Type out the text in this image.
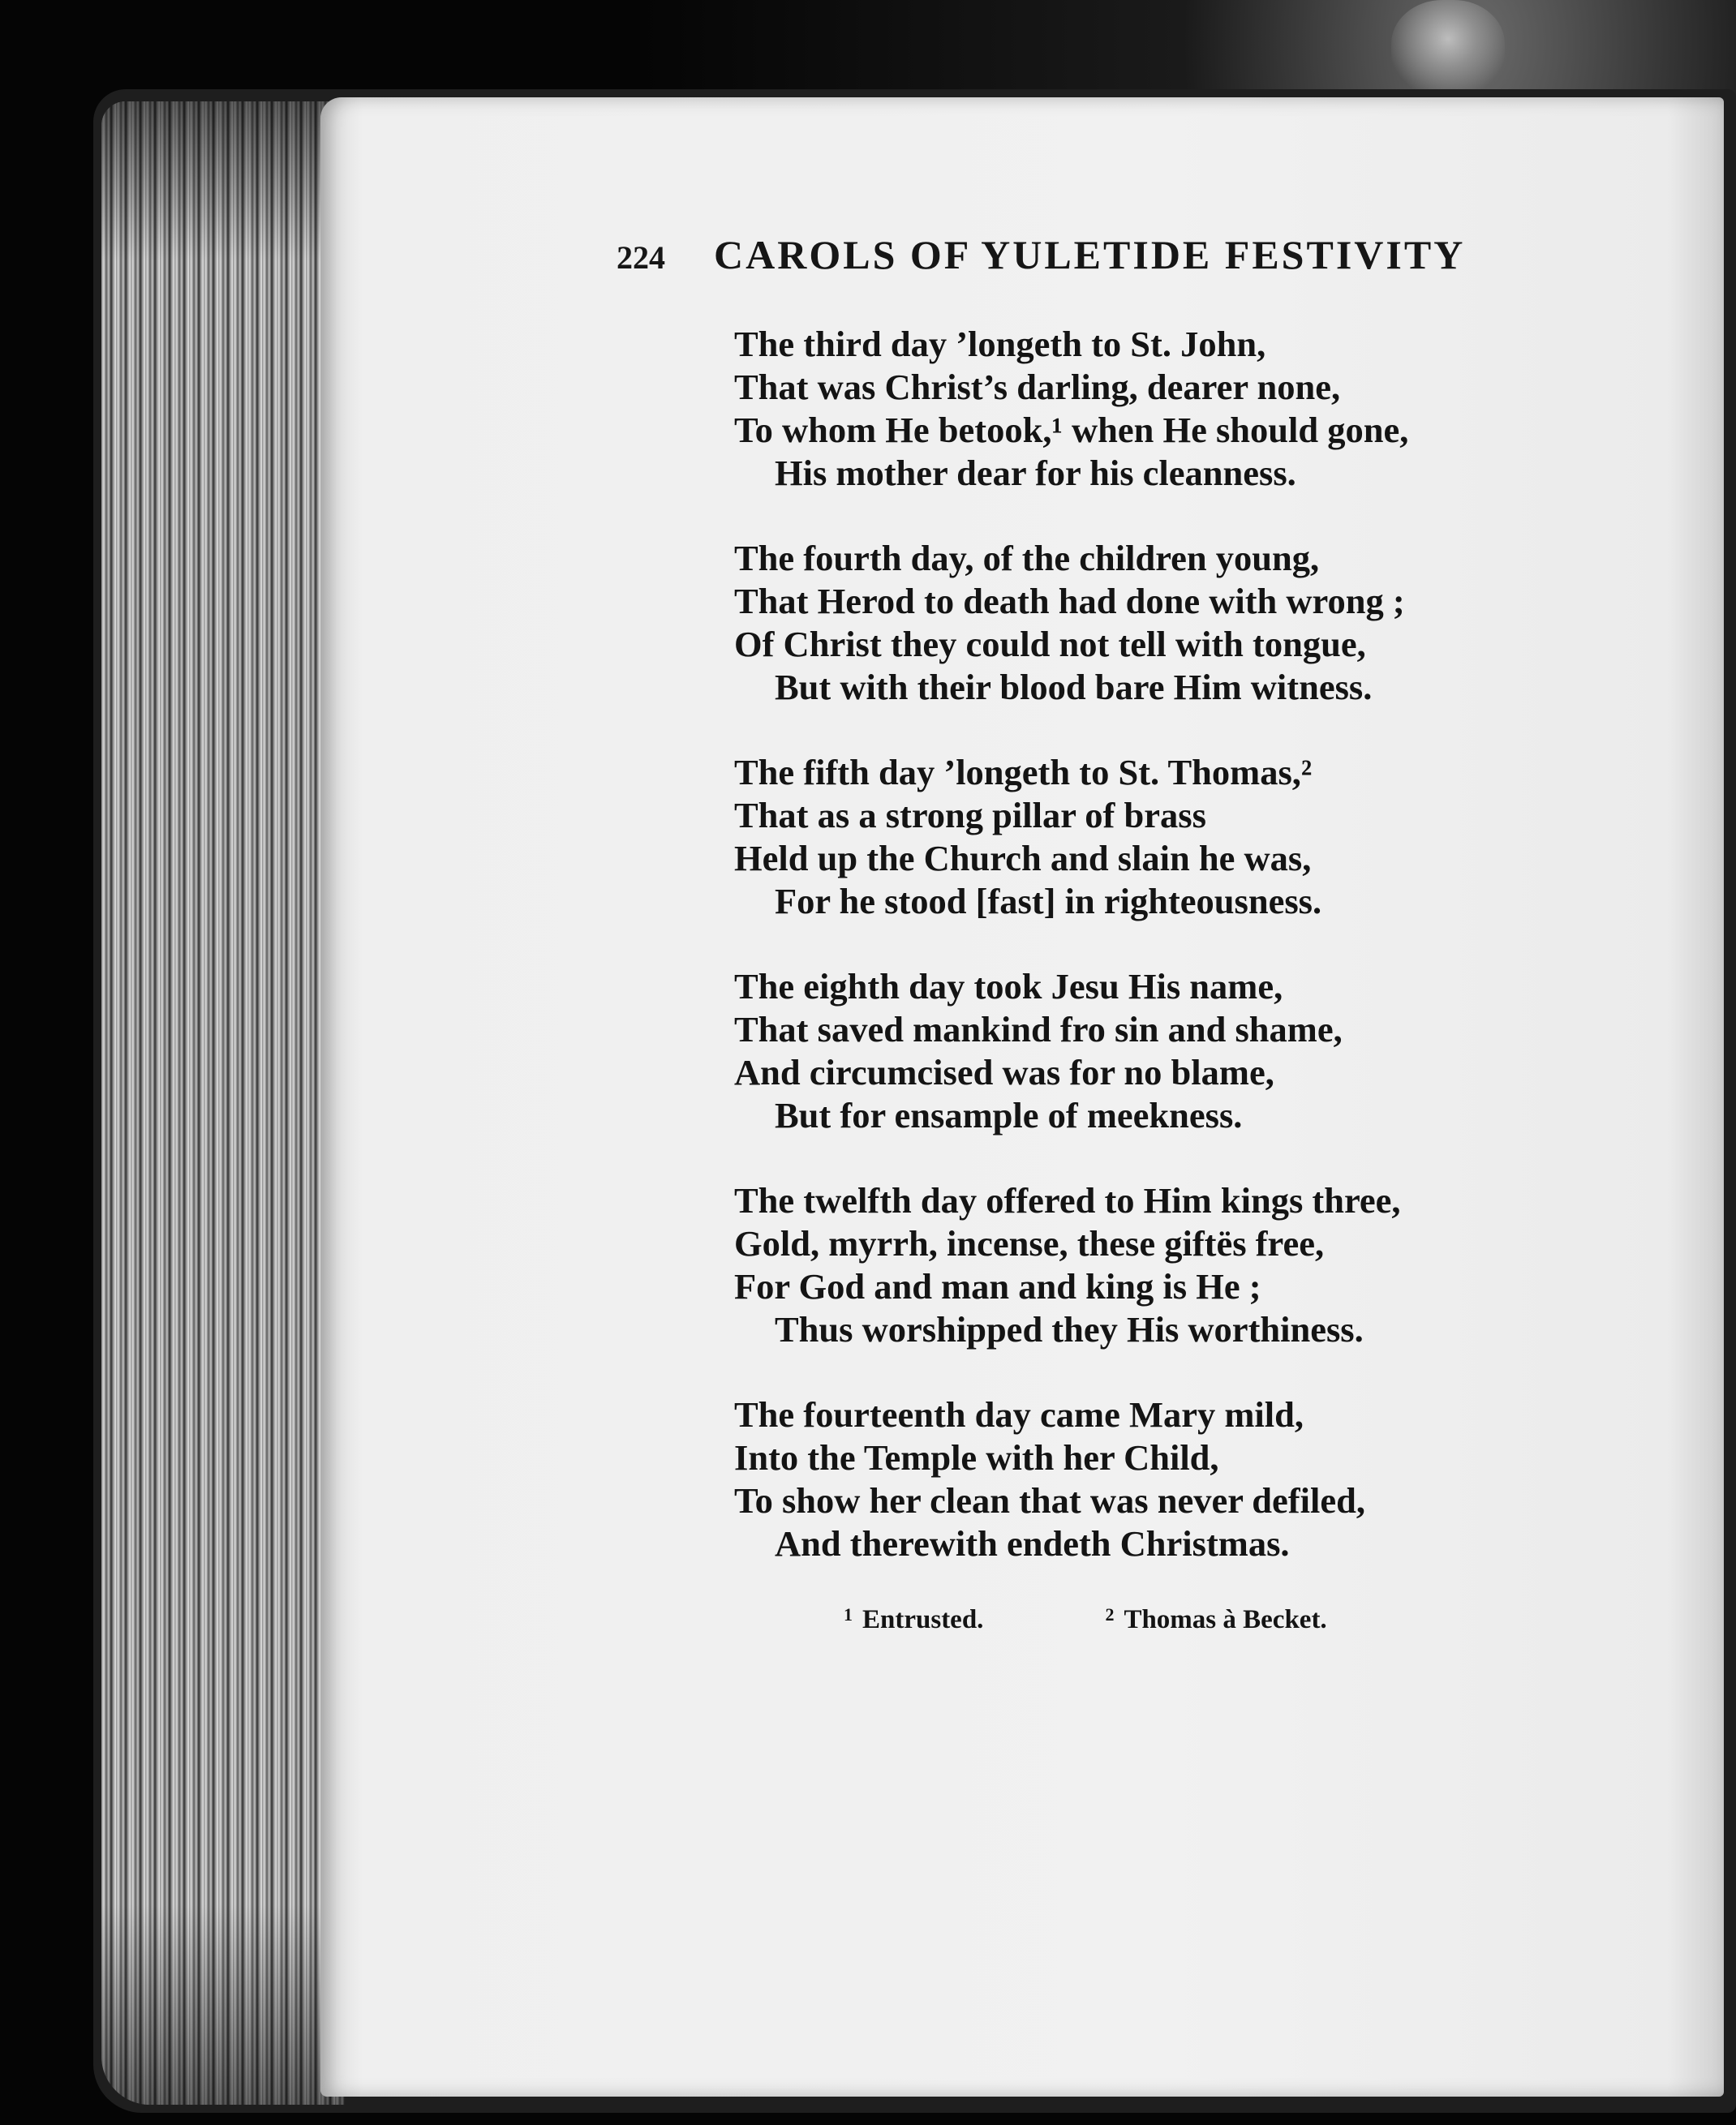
224 CAROLS OF YULETIDE FESTIVITY
The third day ’longeth to St. John,
That was Christ’s darling, dearer none,
To whom He betook,¹ when He should gone,
His mother dear for his cleanness.
The fourth day, of the children young,
That Herod to death had done with wrong ;
Of Christ they could not tell with tongue,
But with their blood bare Him witness.
The fifth day ’longeth to St. Thomas,²
That as a strong pillar of brass
Held up the Church and slain he was,
For he stood [fast] in righteousness.
The eighth day took Jesu His name,
That saved mankind fro sin and shame,
And circumcised was for no blame,
But for ensample of meekness.
The twelfth day offered to Him kings three,
Gold, myrrh, incense, these giftës free,
For God and man and king is He ;
Thus worshipped they His worthiness.
The fourteenth day came Mary mild,
Into the Temple with her Child,
To show her clean that was never defiled,
And therewith endeth Christmas.
$^1$ Entrusted.	$^2$ Thomas à Becket.
